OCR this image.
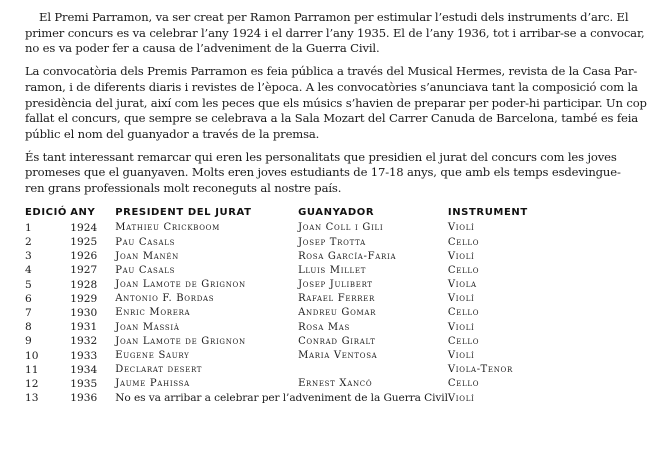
El Premi Parramon, va ser creat per Ramon Parramon per estimular l’estudi dels instruments d’arc. El
primer concurs es va celebrar l’any 1924 i el darrer l’any 1935. El de l’any 1936, tot i arribar-se a convocar,
no es va poder fer a causa de l’adveniment de la Guerra Civil.
La convocatòria dels Premis Parramon es feia pública a través del Musical Hermes, revista de la Casa Par-
ramon, i de diferents diaris i revistes de l’època. A les convocatòries s’anunciava tant la composició com la
presidència del jurat, així com les peces que els músics s’havien de preparar per poder-hi participar. Un cop
fallat el concurs, que sempre se celebrava a la Sala Mozart del Carrer Canuda de Barcelona, també es feia
públic el nom del guanyador a través de la premsa.
És tant interessant remarcar qui eren les personalitats que presidien el jurat del concurs com les joves
promeses que el guanyaven. Molts eren joves estudiants de 17-18 anys, que amb els temps esdevingue-
ren grans professionals molt reconeguts al nostre país.
EDICIÓ	ANY	PRESIDENT DEL JURAT	GUANYADOR	INSTRUMENT
1	1924	Mathieu Crickboom	Joan Coll i Gili	Violí
2	1925	Pau Casals	Josep Trotta	Cello
3	1926	Joan Manén	Rosa García-Faria	Violí
4	1927	Pau Casals	Lluis Millet	Cello
5	1928	Joan Lamote de Grignon	Josep Julibert	Viola
6	1929	Antonio F. Bordas	Rafael Ferrer	Violí
7	1930	Enric Morera	Andreu Gomar	Cello
8	1931	Joan Massià	Rosa Mas	Violí
9	1932	Joan Lamote de Grignon	Conrad Giralt	Cello
10	1933	Eugene Saury	Maria Ventosa	Violí
11	1934	Declarat desert		Viola-Tenor
12	1935	Jaume Pahissa	Ernest Xancó	Cello
13	1936	No es va arribar a celebrar per l’adveniment de la Guerra Civil		Violí
